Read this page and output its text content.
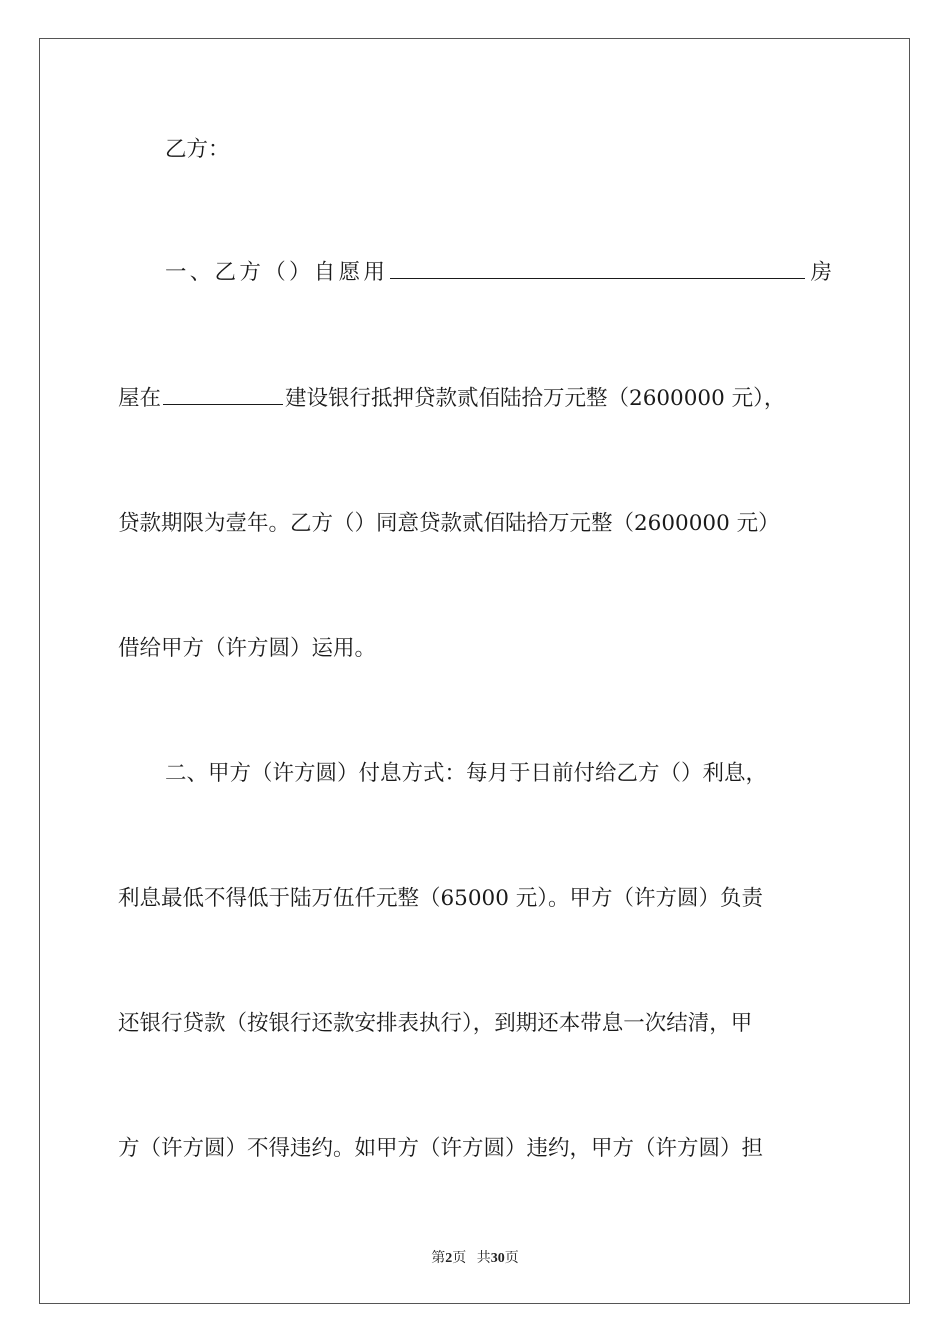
乙方：
一、乙方（）自愿用	房
屋在	建设银行抵押贷款贰佰陆拾万元整（2600000 元），
贷款期限为壹年。乙方（）同意贷款贰佰陆拾万元整（2600000 元）
借给甲方（许方圆）运用。
二、甲方（许方圆）付息方式：每月于日前付给乙方（）利息，
利息最低不得低于陆万伍仟元整（65000 元）。甲方（许方圆）负责
还银行贷款（按银行还款安排表执行），到期还本带息一次结清，甲
方（许方圆）不得违约。如甲方（许方圆）违约，甲方（许方圆）担
第2页 共30页
